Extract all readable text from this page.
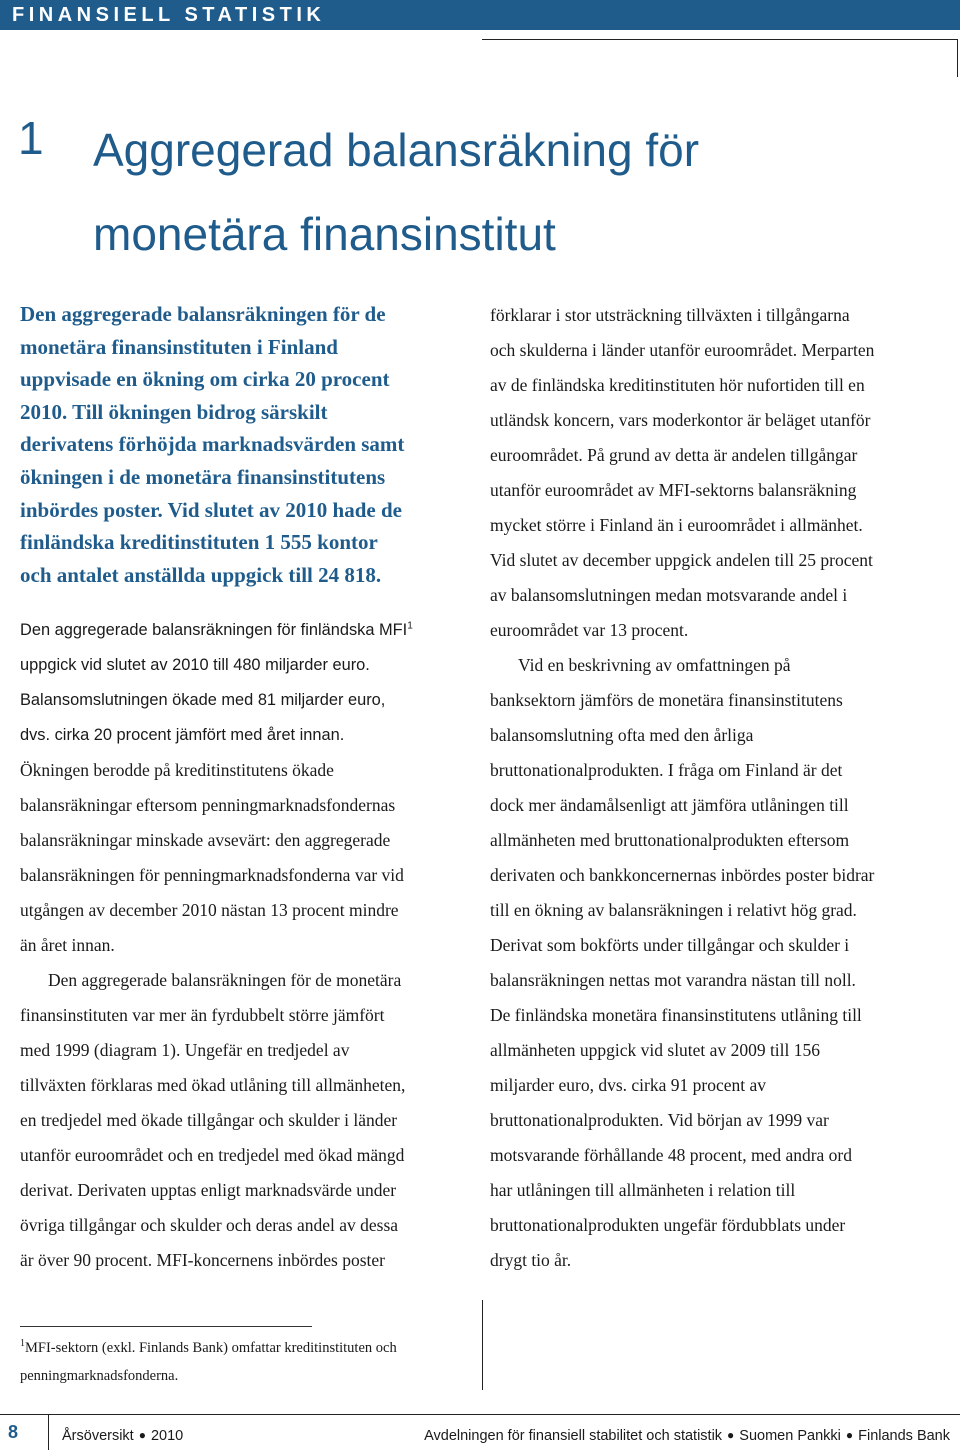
FINANSIELL STATISTIK
1 Aggregerad balansräkning för
monetära finansinstitut
Den aggregerade balansräkningen för de
monetära finansinstituten i Finland
uppvisade en ökning om cirka 20 procent
2010. Till ökningen bidrog särskilt
derivatens förhöjda marknadsvärden samt
ökningen i de monetära finansinstitutens
inbördes poster. Vid slutet av 2010 hade de
finländska kreditinstituten 1 555 kontor
och antalet anställda uppgick till 24 818.
Den aggregerade balansräkningen för finländska MFI$^1$
uppgick vid slutet av 2010 till 480 miljarder euro.
Balansomslutningen ökade med 81 miljarder euro,
dvs. cirka 20 procent jämfört med året innan.
Ökningen berodde på kreditinstitutens ökade
balansräkningar eftersom penningmarknadsfondernas
balansräkningar minskade avsevärt: den aggregerade
balansräkningen för penningmarknadsfonderna var vid
utgången av december 2010 nästan 13 procent mindre
än året innan.
Den aggregerade balansräkningen för de monetära
finansinstituten var mer än fyrdubbelt större jämfört
med 1999 (diagram 1). Ungefär en tredjedel av
tillväxten förklaras med ökad utlåning till allmänheten,
en tredjedel med ökade tillgångar och skulder i länder
utanför euroområdet och en tredjedel med ökad mängd
derivat. Derivaten upptas enligt marknadsvärde under
övriga tillgångar och skulder och deras andel av dessa
är över 90 procent. MFI-koncernens inbördes poster
förklarar i stor utsträckning tillväxten i tillgångarna
och skulderna i länder utanför euroområdet. Merparten
av de finländska kreditinstituten hör nufortiden till en
utländsk koncern, vars moderkontor är beläget utanför
euroområdet. På grund av detta är andelen tillgångar
utanför euroområdet av MFI-sektorns balansräkning
mycket större i Finland än i euroområdet i allmänhet.
Vid slutet av december uppgick andelen till 25 procent
av balansomslutningen medan motsvarande andel i
euroområdet var 13 procent.
Vid en beskrivning av omfattningen på
banksektorn jämförs de monetära finansinstitutens
balansomslutning ofta med den årliga
bruttonationalprodukten. I fråga om Finland är det
dock mer ändamålsenligt att jämföra utlåningen till
allmänheten med bruttonationalprodukten eftersom
derivaten och bankkoncernernas inbördes poster bidrar
till en ökning av balansräkningen i relativt hög grad.
Derivat som bokförts under tillgångar och skulder i
balansräkningen nettas mot varandra nästan till noll.
De finländska monetära finansinstitutens utlåning till
allmänheten uppgick vid slutet av 2009 till 156
miljarder euro, dvs. cirka 91 procent av
bruttonationalprodukten. Vid början av 1999 var
motsvarande förhållande 48 procent, med andra ord
har utlåningen till allmänheten i relation till
bruttonationalprodukten ungefär fördubblats under
drygt tio år.
$^1$MFI-sektorn (exkl. Finlands Bank) omfattar kreditinstituten och
penningmarknadsfonderna.
8	Årsöversikt ● 2010	Avdelningen för finansiell stabilitet och statistik ● Suomen Pankki ● Finlands Bank
